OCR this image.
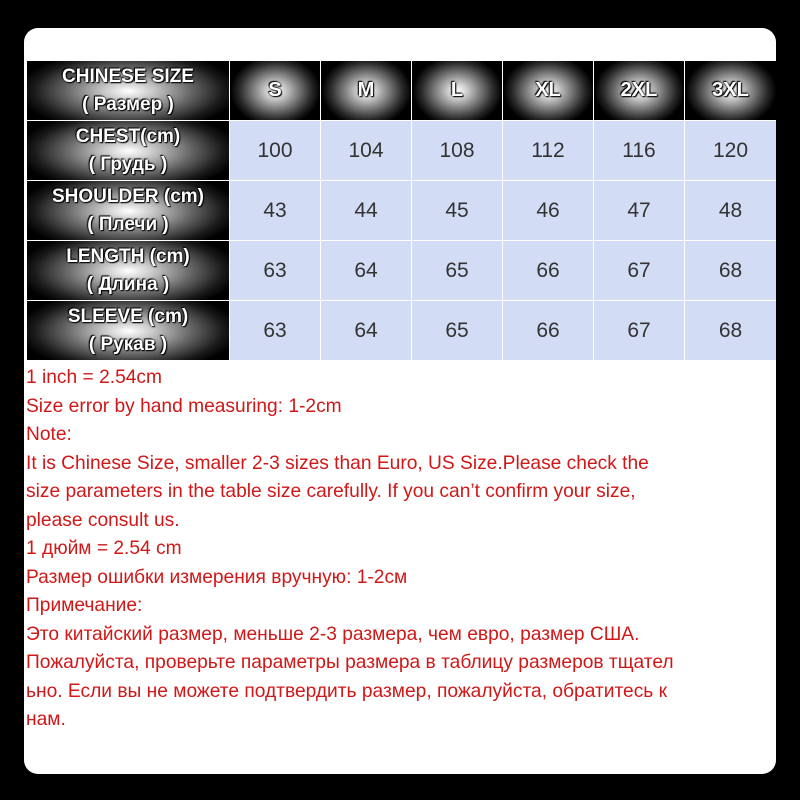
CHINESE SIZE
( Размер )	S	M	L	XL	2XL	3XL

CHEST(cm)
( Грудь )	100	104	108	112	116	120

SHOULDER (cm)
( Плечи )	43	44	45	46	47	48

LENGTH (cm)
( Длина )	63	64	65	66	67	68

SLEEVE (cm)
( Рукав )	63	64	65	66	67	68
1 inch = 2.54cm
Size error by hand measuring: 1-2cm
Note:
It is Chinese Size, smaller 2-3 sizes than Euro, US Size.Please check the
size parameters in the table size carefully. If you can’t confirm your size,
please consult us.
1 дюйм = 2.54 cm
Размер ошибки измерения вручную: 1-2см
Примечание:
Это китайский размер, меньше 2-3 размера, чем евро, размер США.
Пожалуйста, проверьте параметры размера в таблицу размеров тщател
ьно. Если вы не можете подтвердить размер, пожалуйста, обратитесь к
нам.
